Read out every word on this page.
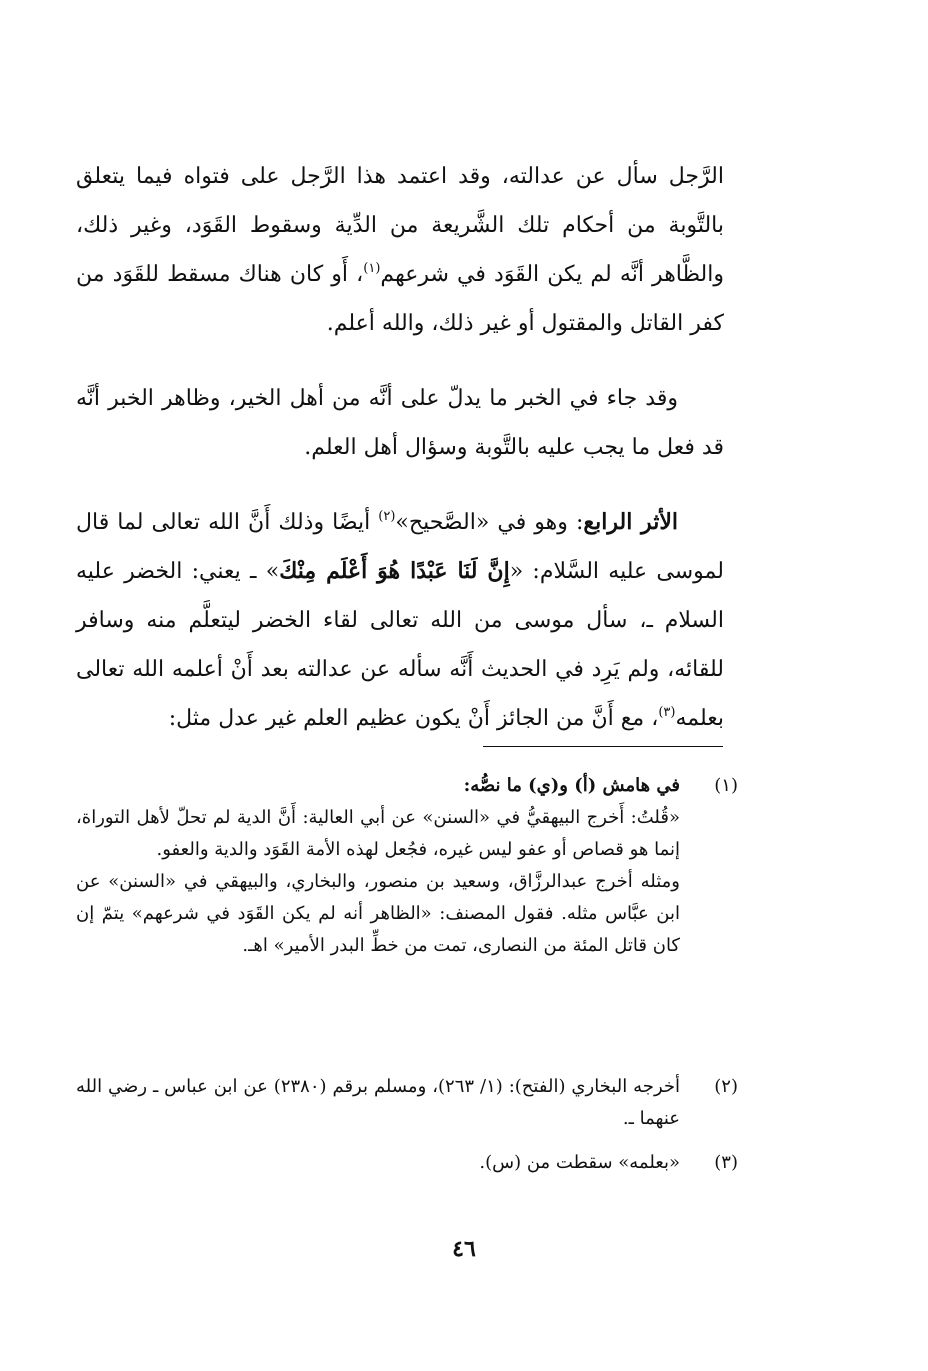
الرَّجل سأل عن عدالته، وقد اعتمد هذا الرَّجل على فتواه فيما يتعلق بالتَّوبة من أحكام تلك الشَّريعة من الدِّية وسقوط القَوَد، وغير ذلك، والظَّاهر أنَّه لم يكن القَوَد في شرعهم$^{(١)}$، أَو كان هناك مسقط للقَوَد من كفر القاتل والمقتول أو غير ذلك، والله أعلم.

وقد جاء في الخبر ما يدلّ على أنَّه من أهل الخير، وظاهر الخبر أنَّه قد فعل ما يجب عليه بالتَّوبة وسؤال أهل العلم.

الأثر الرابع: وهو في «الصَّحيح»$^{(٢)}$ أيضًا وذلك أَنَّ الله تعالى لما قال لموسى عليه السَّلام: «إِنَّ لَنَا عَبْدًا هُوَ أَعْلَم مِنْكَ» ـ يعني: الخضر عليه السلام ـ، سأل موسى من الله تعالى لقاء الخضر ليتعلَّم منه وسافر للقائه، ولم يَرِد في الحديث أَنَّه سأله عن عدالته بعد أَنْ أعلمه الله تعالى بعلمه$^{(٣)}$، مع أَنَّ من الجائز أَنْ يكون عظيم العلم غير عدل مثل:

(١)
في هامش (أ) و(ي) ما نصُّه:
«قُلتُ: أَخرج البيهقيُّ في «السنن» عن أبي العالية: أَنَّ الدية لم تحلّ لأهل التوراة، إنما هو قصاص أو عفو ليس غيره، فجُعل لهذه الأمة القَوَد والدية والعفو.
ومثله أخرج عبدالرزَّاق، وسعيد بن منصور، والبخاري، والبيهقي في «السنن» عن ابن عبَّاس مثله. فقول المصنف: «الظاهر أنه لم يكن القَوَد في شرعهم» يتمّ إن كان قاتل المئة من النصارى، تمت من خطِّ البدر الأمير» اهـ.
(٢)
أخرجه البخاري (الفتح): (١/ ٢٦٣)، ومسلم برقم (٢٣٨٠) عن ابن عباس ـ رضي الله عنهما ـ.
(٣)
«بعلمه» سقطت من (س).
٤٦
